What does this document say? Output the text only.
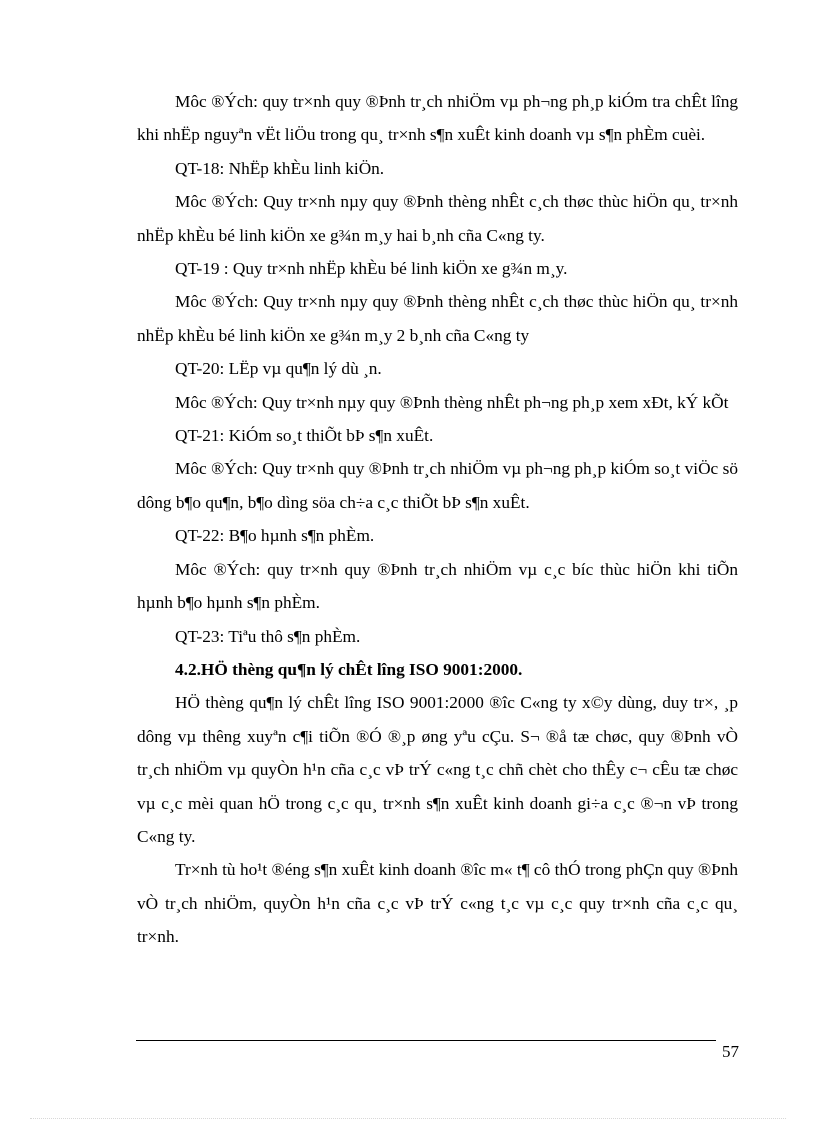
Môc ®Ých: quy tr×nh quy ®Þnh tr¸ch nhiÖm vµ ph¬ng ph¸p kiÓm tra chÊt lîng khi nhËp nguyªn vËt liÖu trong qu¸ tr×nh s¶n xuÊt kinh doanh vµ s¶n phÈm cuèi.

QT-18: NhËp khÈu linh kiÖn.

Môc ®Ých: Quy tr×nh nµy quy ®Þnh thèng nhÊt c¸ch thøc thùc hiÖn qu¸ tr×nh nhËp khÈu bé linh kiÖn xe g¾n m¸y hai b¸nh cña C«ng ty.

QT-19 : Quy tr×nh nhËp khÈu bé linh kiÖn xe g¾n m¸y.

Môc ®Ých: Quy tr×nh nµy quy ®Þnh thèng nhÊt c¸ch thøc thùc hiÖn qu¸ tr×nh nhËp khÈu bé linh kiÖn xe g¾n m¸y 2 b¸nh cña C«ng ty

QT-20: LËp vµ qu¶n lý dù ¸n.

Môc ®Ých: Quy tr×nh nµy quy ®Þnh thèng nhÊt ph¬ng ph¸p xem xÐt, kÝ kÕt

QT-21: KiÓm so¸t thiÕt bÞ s¶n xuÊt.

Môc ®Ých: Quy tr×nh quy ®Þnh tr¸ch nhiÖm vµ ph¬ng ph¸p kiÓm so¸t viÖc sö dông b¶o qu¶n, b¶o dìng söa ch÷a c¸c thiÕt bÞ s¶n xuÊt.

QT-22: B¶o hµnh s¶n phÈm.

Môc ®Ých: quy tr×nh quy ®Þnh tr¸ch nhiÖm vµ c¸c bíc thùc hiÖn khi tiÕn hµnh b¶o hµnh s¶n phÈm.

QT-23: Tiªu thô s¶n phÈm.

4.2.HÖ thèng qu¶n lý chÊt lîng ISO 9001:2000.

HÖ thèng qu¶n lý chÊt lîng ISO 9001:2000 ®îc C«ng ty x©y dùng, duy tr×, ¸p dông vµ thêng xuyªn c¶i tiÕn ®Ó ®¸p øng yªu cÇu. S¬ ®å tæ chøc, quy ®Þnh vÒ tr¸ch nhiÖm vµ quyÒn h¹n cña c¸c vÞ trÝ c«ng t¸c chñ chèt cho thÊy c¬ cÊu tæ chøc vµ c¸c mèi quan hÖ trong c¸c qu¸ tr×nh s¶n xuÊt kinh doanh gi÷a c¸c ®¬n vÞ trong C«ng ty.

Tr×nh tù ho¹t ®éng s¶n xuÊt kinh doanh ®îc m« t¶ cô thÓ trong phÇn quy ®Þnh vÒ tr¸ch nhiÖm, quyÒn h¹n cña c¸c vÞ trÝ c«ng t¸c vµ c¸c quy tr×nh cña c¸c qu¸ tr×nh.

57
